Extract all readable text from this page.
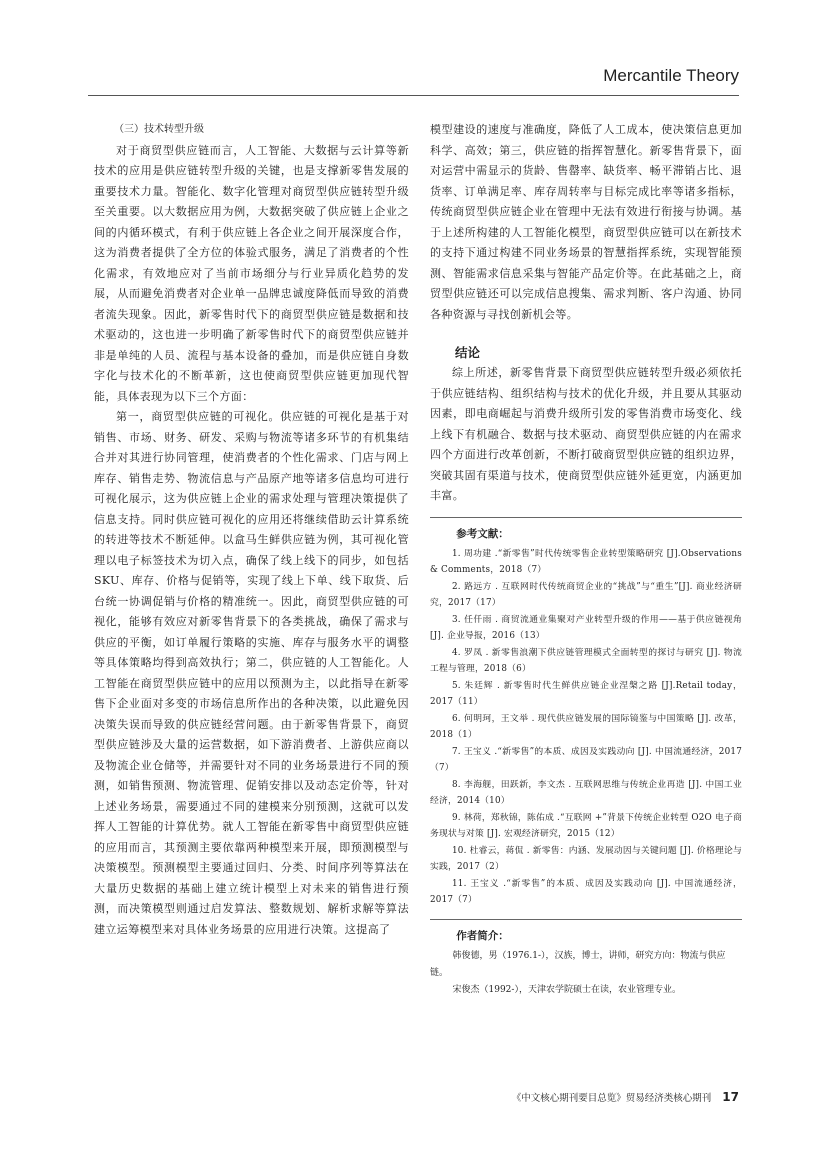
Mercantile Theory
（三）技术转型升级

对于商贸型供应链而言，人工智能、大数据与云计算等新技术的应用是供应链转型升级的关键，也是支撑新零售发展的重要技术力量。智能化、数字化管理对商贸型供应链转型升级至关重要。以大数据应用为例，大数据突破了供应链上企业之间的内循环模式，有利于供应链上各企业之间开展深度合作，这为消费者提供了全方位的体验式服务，满足了消费者的个性化需求，有效地应对了当前市场细分与行业异质化趋势的发展，从而避免消费者对企业单一品牌忠诚度降低而导致的消费者流失现象。因此，新零售时代下的商贸型供应链是数据和技术驱动的，这也进一步明确了新零售时代下的商贸型供应链并非是单纯的人员、流程与基本设备的叠加，而是供应链自身数字化与技术化的不断革新，这也使商贸型供应链更加现代智能，具体表现为以下三个方面：

第一，商贸型供应链的可视化。供应链的可视化是基于对销售、市场、财务、研发、采购与物流等诸多环节的有机集结合并对其进行协同管理，使消费者的个性化需求、门店与网上库存、销售走势、物流信息与产品原产地等诸多信息均可进行可视化展示，这为供应链上企业的需求处理与管理决策提供了信息支持。同时供应链可视化的应用还将继续借助云计算系统的转进等技术不断延伸。以盒马生鲜供应链为例，其可视化管理以电子标签技术为切入点，确保了线上线下的同步，如包括SKU、库存、价格与促销等，实现了线上下单、线下取货、后台统一协调促销与价格的精准统一。因此，商贸型供应链的可视化，能够有效应对新零售背景下的各类挑战，确保了需求与供应的平衡，如订单履行策略的实施、库存与服务水平的调整等具体策略均得到高效执行；第二，供应链的人工智能化。人工智能在商贸型供应链中的应用以预测为主，以此指导在新零售下企业面对多变的市场信息所作出的各种决策，以此避免因决策失误而导致的供应链经营问题。由于新零售背景下，商贸型供应链涉及大量的运营数据，如下游消费者、上游供应商以及物流企业仓储等，并需要针对不同的业务场景进行不同的预测，如销售预测、物流管理、促销安排以及动态定价等，针对上述业务场景，需要通过不同的建模来分别预测，这就可以发挥人工智能的计算优势。就人工智能在新零售中商贸型供应链的应用而言，其预测主要依靠两种模型来开展，即预测模型与决策模型。预测模型主要通过回归、分类、时间序列等算法在大量历史数据的基础上建立统计模型上对未来的销售进行预测，而决策模型则通过启发算法、整数规划、解析求解等算法建立运筹模型来对具体业务场景的应用进行决策。这提高了

模型建设的速度与准确度，降低了人工成本，使决策信息更加科学、高效；第三，供应链的指挥智慧化。新零售背景下，面对运营中需显示的货龄、售罄率、缺货率、畅平滞销占比、退货率、订单满足率、库存周转率与目标完成比率等诸多指标，传统商贸型供应链企业在管理中无法有效进行衔接与协调。基于上述所构建的人工智能化模型，商贸型供应链可以在新技术的支持下通过构建不同业务场景的智慧指挥系统，实现智能预测、智能需求信息采集与智能产品定价等。在此基础之上，商贸型供应链还可以完成信息搜集、需求判断、客户沟通、协同各种资源与寻找创新机会等。

结论

综上所述，新零售背景下商贸型供应链转型升级必须依托于供应链结构、组织结构与技术的优化升级，并且要从其驱动因素，即电商崛起与消费升级所引发的零售消费市场变化、线上线下有机融合、数据与技术驱动、商贸型供应链的内在需求四个方面进行改革创新，不断打破商贸型供应链的组织边界，突破其固有渠道与技术，使商贸型供应链外延更宽，内涵更加丰富。

参考文献：
1. 周功建 .“新零售”时代传统零售企业转型策略研究 [J].Observations & Comments，2018（7）
2. 路远方 . 互联网时代传统商贸企业的“挑战”与“重生”[J]. 商业经济研究，2017（17）
3. 任仟雨 . 商贸流通业集聚对产业转型升级的作用——基于供应链视角 [J]. 企业导报，2016（13）
4. 罗凤 . 新零售浪潮下供应链管理模式全面转型的探讨与研究 [J]. 物流工程与管理，2018（6）
5. 朱廷辉 . 新零售时代生鲜供应链企业涅槃之路 [J].Retail today，2017（11）
6. 何明珂，王文举 . 现代供应链发展的国际镜鉴与中国策略 [J]. 改革，2018（1）
7. 王宝义 .“新零售”的本质、成因及实践动向 [J]. 中国流通经济，2017（7）
8. 李海舰，田跃新，李文杰 . 互联网思维与传统企业再造 [J]. 中国工业经济，2014（10）
9. 林荷，郑秋锦，陈佑成 .“互联网 +”背景下传统企业转型 O2O 电子商务现状与对策 [J]. 宏观经济研究，2015（12）
10. 杜睿云，蒋侃 . 新零售：内涵、发展动因与关键问题 [J]. 价格理论与实践，2017（2）
11. 王宝义 .“新零售”的本质、成因及实践动向 [J]. 中国流通经济，2017（7）
作者简介：

韩俊德，男（1976.1-），汉族，博士，讲师，研究方向：物流与供应链。

宋俊杰（1992-），天津农学院硕士在读，农业管理专业。

《中文核心期刊要目总览》贸易经济类核心期刊 17
